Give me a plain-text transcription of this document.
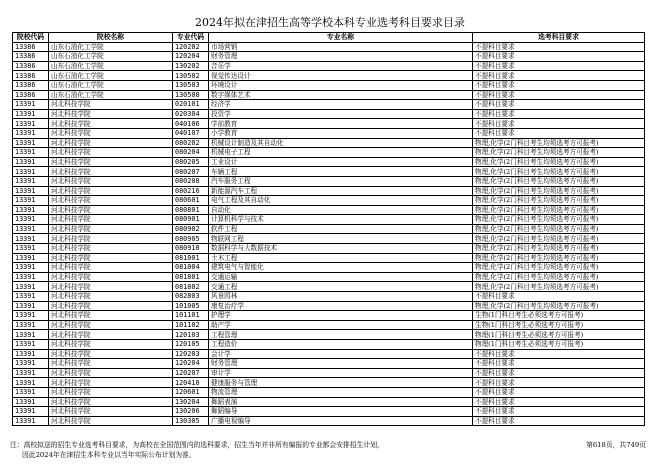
2024年拟在津招生高等学校本科专业选考科目要求目录
院校代码	院校名称	专业代码	专业名称	选考科目要求
13386	山东石油化工学院	120202	市场营销	不提科目要求
13386	山东石油化工学院	120204	财务管理	不提科目要求
13386	山东石油化工学院	130202	音乐学	不提科目要求
13386	山东石油化工学院	130502	视觉传达设计	不提科目要求
13386	山东石油化工学院	130503	环境设计	不提科目要求
13386	山东石油化工学院	130508	数字媒体艺术	不提科目要求
13391	河北科技学院	020101	经济学	不提科目要求
13391	河北科技学院	020304	投资学	不提科目要求
13391	河北科技学院	040106	学前教育	不提科目要求
13391	河北科技学院	040107	小学教育	不提科目要求
13391	河北科技学院	080202	机械设计制造及其自动化	物理,化学(2门科目考生均须选考方可报考)
13391	河北科技学院	080204	机械电子工程	物理,化学(2门科目考生均须选考方可报考)
13391	河北科技学院	080205	工业设计	物理,化学(2门科目考生均须选考方可报考)
13391	河北科技学院	080207	车辆工程	物理,化学(2门科目考生均须选考方可报考)
13391	河北科技学院	080208	汽车服务工程	物理,化学(2门科目考生均须选考方可报考)
13391	河北科技学院	080216	新能源汽车工程	物理,化学(2门科目考生均须选考方可报考)
13391	河北科技学院	080601	电气工程及其自动化	物理,化学(2门科目考生均须选考方可报考)
13391	河北科技学院	080801	自动化	物理,化学(2门科目考生均须选考方可报考)
13391	河北科技学院	080901	计算机科学与技术	物理,化学(2门科目考生均须选考方可报考)
13391	河北科技学院	080902	软件工程	物理,化学(2门科目考生均须选考方可报考)
13391	河北科技学院	080905	物联网工程	物理,化学(2门科目考生均须选考方可报考)
13391	河北科技学院	080910	数据科学与大数据技术	物理,化学(2门科目考生均须选考方可报考)
13391	河北科技学院	081001	土木工程	物理,化学(2门科目考生均须选考方可报考)
13391	河北科技学院	081004	建筑电气与智能化	物理,化学(2门科目考生均须选考方可报考)
13391	河北科技学院	081801	交通运输	物理,化学(2门科目考生均须选考方可报考)
13391	河北科技学院	081802	交通工程	物理,化学(2门科目考生均须选考方可报考)
13391	河北科技学院	082803	风景园林	不提科目要求
13391	河北科技学院	101005	康复治疗学	物理,化学(2门科目考生均须选考方可报考)
13391	河北科技学院	101101	护理学	生物(1门科目考生必须选考方可报考)
13391	河北科技学院	101102	助产学	生物(1门科目考生必须选考方可报考)
13391	河北科技学院	120103	工程管理	物理(1门科目考生必须选考方可报考)
13391	河北科技学院	120105	工程造价	物理(1门科目考生必须选考方可报考)
13391	河北科技学院	120203	会计学	不提科目要求
13391	河北科技学院	120204	财务管理	不提科目要求
13391	河北科技学院	120207	审计学	不提科目要求
13391	河北科技学院	120410	健康服务与管理	不提科目要求
13391	河北科技学院	120601	物流管理	不提科目要求
13391	河北科技学院	130204	舞蹈表演	不提科目要求
13391	河北科技学院	130206	舞蹈编导	不提科目要求
13391	河北科技学院	130305	广播电视编导	不提科目要求
注：高校拟送的招生专业选考科目要求，为高校在全国范围内的选科要求，招生当年并非所有编报的专业都会安排招生计划，
因此2024年在津招生本科专业以当年实际公布计划为准。
第618页，共749页
